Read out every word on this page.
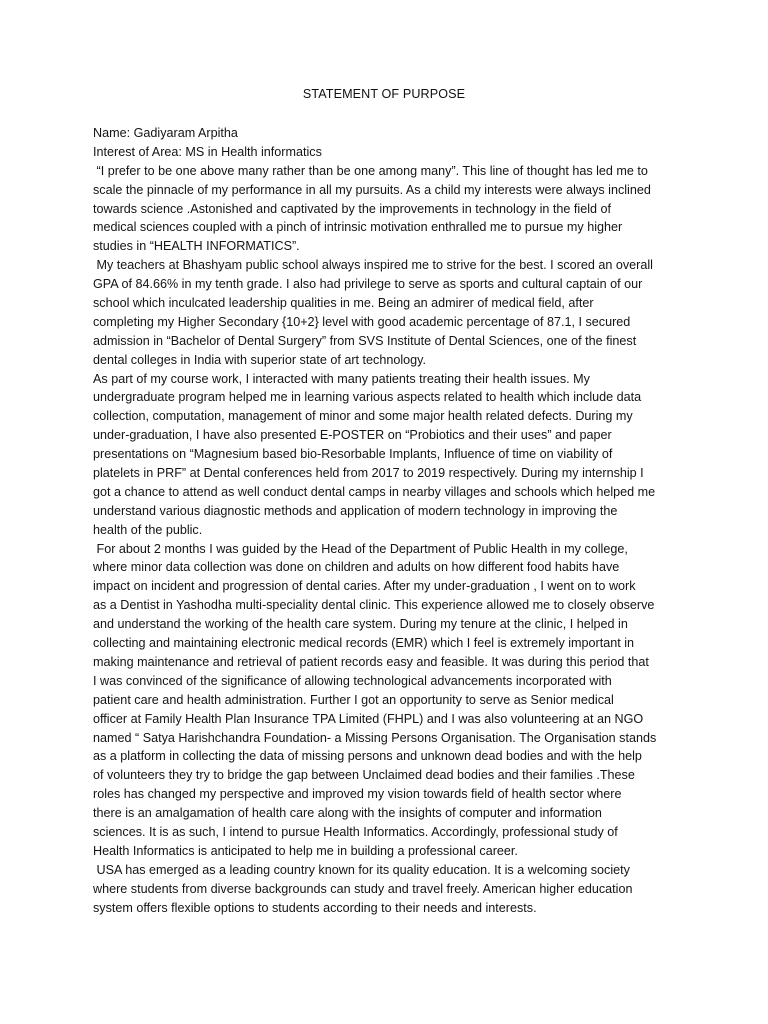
STATEMENT OF PURPOSE
Name: Gadiyaram Arpitha
Interest of Area: MS in Health informatics
“I prefer to be one above many rather than be one among many”. This line of thought has led me to
scale the pinnacle of my performance in all my pursuits. As a child my interests were always inclined
towards science .Astonished and captivated by the improvements in technology in the field of
medical sciences coupled with a pinch of intrinsic motivation enthralled me to pursue my higher
studies in “HEALTH INFORMATICS”.
My teachers at Bhashyam public school always inspired me to strive for the best. I scored an overall
GPA of 84.66% in my tenth grade. I also had privilege to serve as sports and cultural captain of our
school which inculcated leadership qualities in me. Being an admirer of medical field, after
completing my Higher Secondary {10+2} level with good academic percentage of 87.1, I secured
admission in “Bachelor of Dental Surgery” from SVS Institute of Dental Sciences, one of the finest
dental colleges in India with superior state of art technology.
As part of my course work, I interacted with many patients treating their health issues. My
undergraduate program helped me in learning various aspects related to health which include data
collection, computation, management of minor and some major health related defects. During my
under-graduation, I have also presented E-POSTER on “Probiotics and their uses” and paper
presentations on “Magnesium based bio-Resorbable Implants, Influence of time on viability of
platelets in PRF” at Dental conferences held from 2017 to 2019 respectively. During my internship I
got a chance to attend as well conduct dental camps in nearby villages and schools which helped me
understand various diagnostic methods and application of modern technology in improving the
health of the public.
For about 2 months I was guided by the Head of the Department of Public Health in my college,
where minor data collection was done on children and adults on how different food habits have
impact on incident and progression of dental caries. After my under-graduation , I went on to work
as a Dentist in Yashodha multi-speciality dental clinic. This experience allowed me to closely observe
and understand the working of the health care system. During my tenure at the clinic, I helped in
collecting and maintaining electronic medical records (EMR) which I feel is extremely important in
making maintenance and retrieval of patient records easy and feasible. It was during this period that
I was convinced of the significance of allowing technological advancements incorporated with
patient care and health administration. Further I got an opportunity to serve as Senior medical
officer at Family Health Plan Insurance TPA Limited (FHPL) and I was also volunteering at an NGO
named “ Satya Harishchandra Foundation- a Missing Persons Organisation. The Organisation stands
as a platform in collecting the data of missing persons and unknown dead bodies and with the help
of volunteers they try to bridge the gap between Unclaimed dead bodies and their families .These
roles has changed my perspective and improved my vision towards field of health sector where
there is an amalgamation of health care along with the insights of computer and information
sciences. It is as such, I intend to pursue Health Informatics. Accordingly, professional study of
Health Informatics is anticipated to help me in building a professional career.
USA has emerged as a leading country known for its quality education. It is a welcoming society
where students from diverse backgrounds can study and travel freely. American higher education
system offers flexible options to students according to their needs and interests.
